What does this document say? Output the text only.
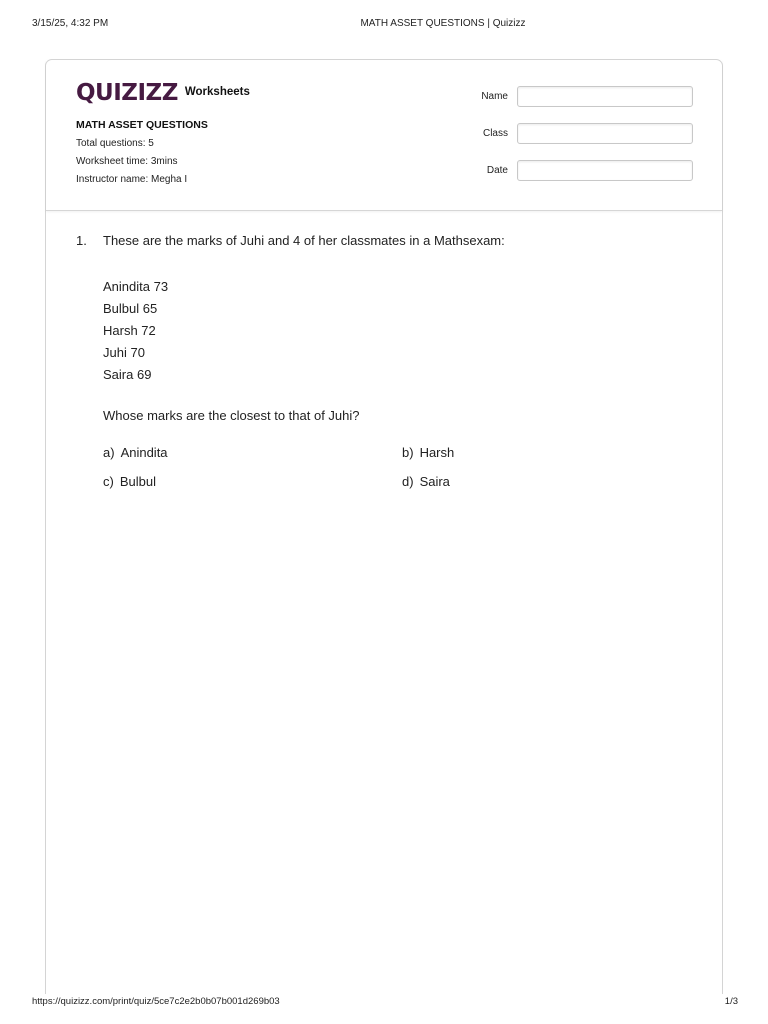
3/15/25, 4:32 PM	MATH ASSET QUESTIONS | Quizizz
QUIZIZZ Worksheets
MATH ASSET QUESTIONS
Total questions: 5
Worksheet time: 3mins
Instructor name: Megha I
Name
Class
Date
1. These are the marks of Juhi and 4 of her classmates in a Mathsexam:
Anindita 73
Bulbul 65
Harsh 72
Juhi 70
Saira 69
Whose marks are the closest to that of Juhi?
a) Anindita	b) Harsh
c) Bulbul	d) Saira
https://quizizz.com/print/quiz/5ce7c2e2b0b07b001d269b03	1/3
